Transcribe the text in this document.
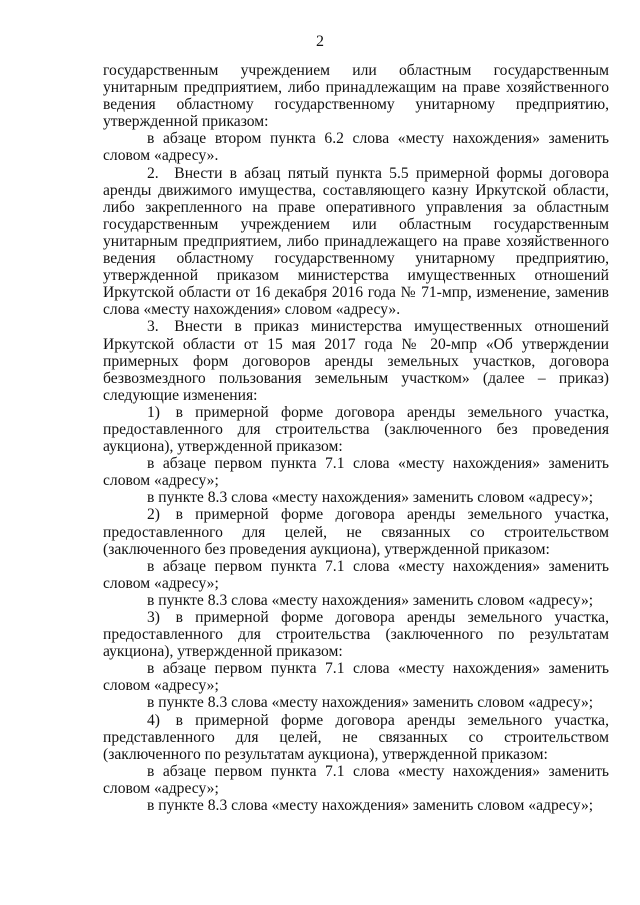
2

государственным учреждением или областным государственным унитарным предприятием, либо принадлежащим на праве хозяйственного ведения областному государственному унитарному предприятию, утвержденной приказом:

в абзаце втором пункта 6.2 слова «месту нахождения» заменить словом «адресу».

2. Внести в абзац пятый пункта 5.5 примерной формы договора аренды движимого имущества, составляющего казну Иркутской области, либо закрепленного на праве оперативного управления за областным государственным учреждением или областным государственным унитарным предприятием, либо принадлежащего на праве хозяйственного ведения областному государственному унитарному предприятию, утвержденной приказом министерства имущественных отношений Иркутской области от 16 декабря 2016 года № 71-мпр, изменение, заменив слова «месту нахождения» словом «адресу».

3. Внести в приказ министерства имущественных отношений Иркутской области от 15 мая 2017 года № 20-мпр «Об утверждении примерных форм договоров аренды земельных участков, договора безвозмездного пользования земельным участком» (далее – приказ) следующие изменения:

1) в примерной форме договора аренды земельного участка, предоставленного для строительства (заключенного без проведения аукциона), утвержденной приказом:

в абзаце первом пункта 7.1 слова «месту нахождения» заменить словом «адресу»;

в пункте 8.3 слова «месту нахождения» заменить словом «адресу»;

2) в примерной форме договора аренды земельного участка, предоставленного для целей, не связанных со строительством (заключенного без проведения аукциона), утвержденной приказом:

в абзаце первом пункта 7.1 слова «месту нахождения» заменить словом «адресу»;

в пункте 8.3 слова «месту нахождения» заменить словом «адресу»;

3) в примерной форме договора аренды земельного участка, предоставленного для строительства (заключенного по результатам аукциона), утвержденной приказом:

в абзаце первом пункта 7.1 слова «месту нахождения» заменить словом «адресу»;

в пункте 8.3 слова «месту нахождения» заменить словом «адресу»;

4) в примерной форме договора аренды земельного участка, представленного для целей, не связанных со строительством (заключенного по результатам аукциона), утвержденной приказом:

в абзаце первом пункта 7.1 слова «месту нахождения» заменить словом «адресу»;

в пункте 8.3 слова «месту нахождения» заменить словом «адресу»;
